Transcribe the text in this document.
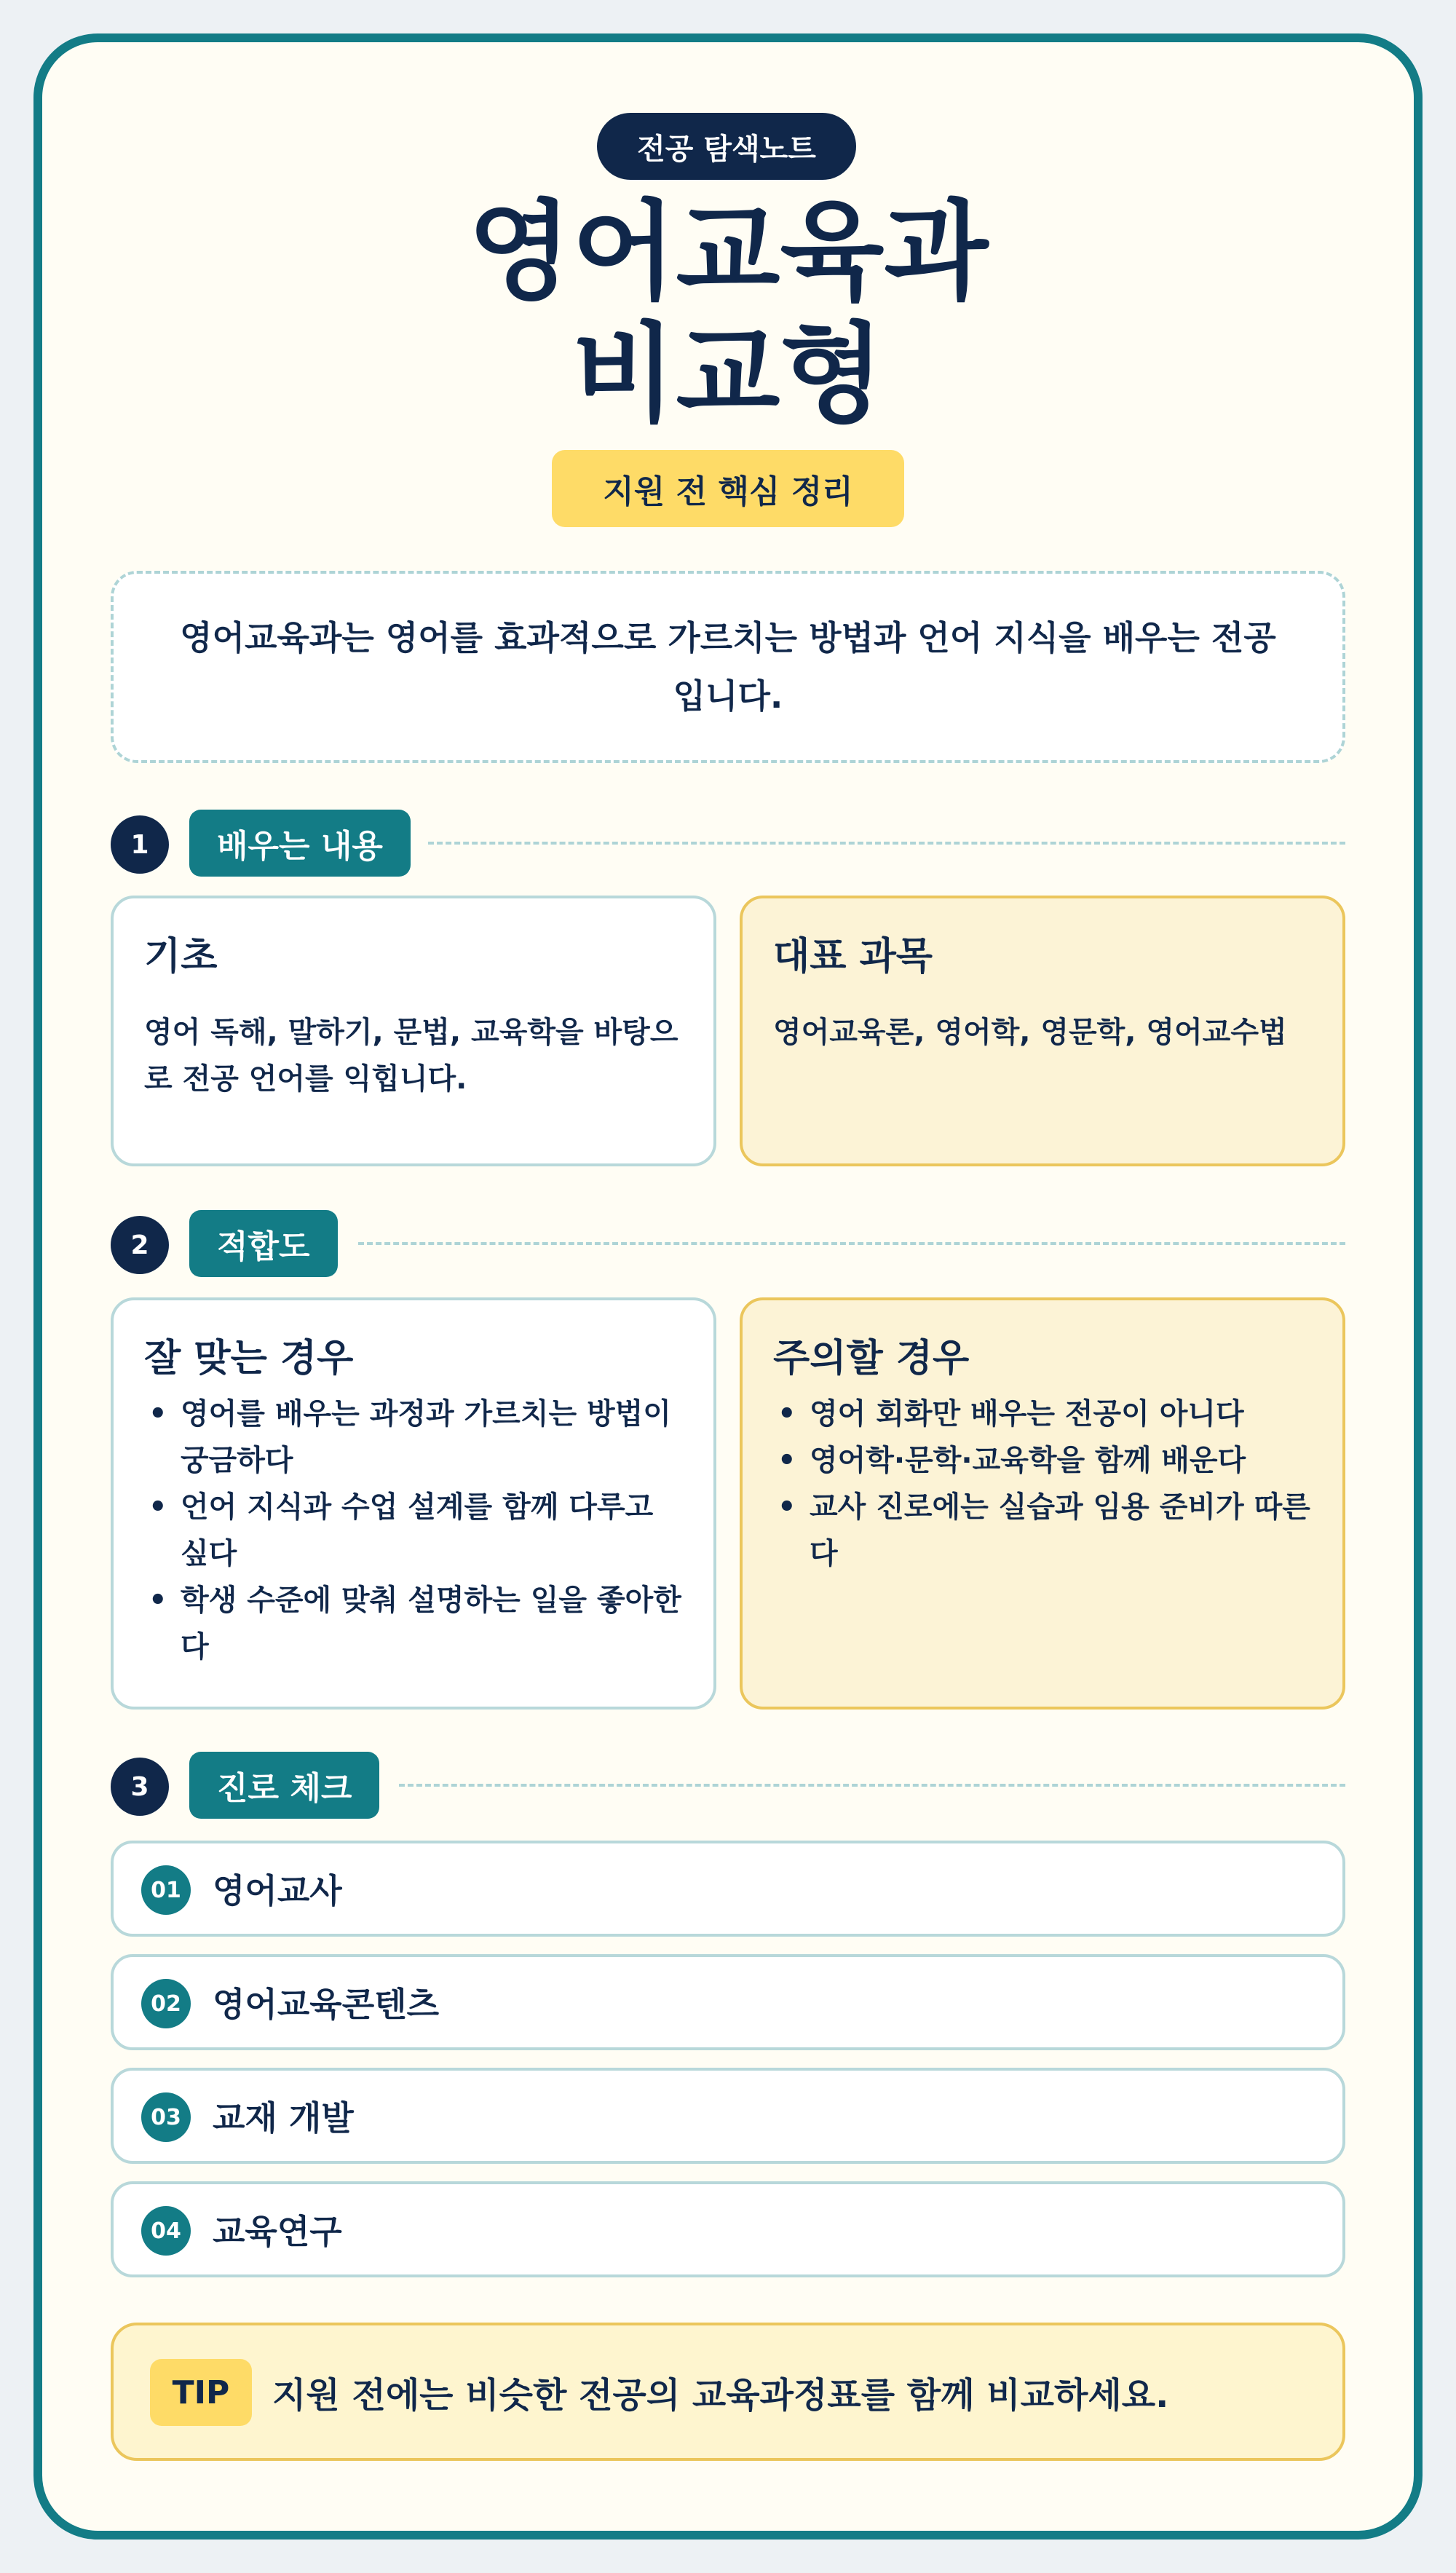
전공 탐색노트
영어교육과
비교형
지원 전 핵심 정리
영어교육과는 영어를 효과적으로 가르치는 방법과 언어 지식을 배우는 전공입니다.
1	배우는 내용
기초

영어 독해, 말하기, 문법, 교육학을 바탕으로 전공 언어를 익힙니다.

대표 과목

영어교육론, 영어학, 영문학, 영어교수법

2	적합도
잘 맞는 경우
• 영어를 배우는 과정과 가르치는 방법이 궁금하다
• 언어 지식과 수업 설계를 함께 다루고 싶다
• 학생 수준에 맞춰 설명하는 일을 좋아한다
주의할 경우
• 영어 회화만 배우는 전공이 아니다
• 영어학·문학·교육학을 함께 배운다
• 교사 진로에는 실습과 임용 준비가 따른다
3	진로 체크
01 영어교사
02 영어교육콘텐츠
03 교재 개발
04 교육연구
TIP	지원 전에는 비슷한 전공의 교육과정표를 함께 비교하세요.
